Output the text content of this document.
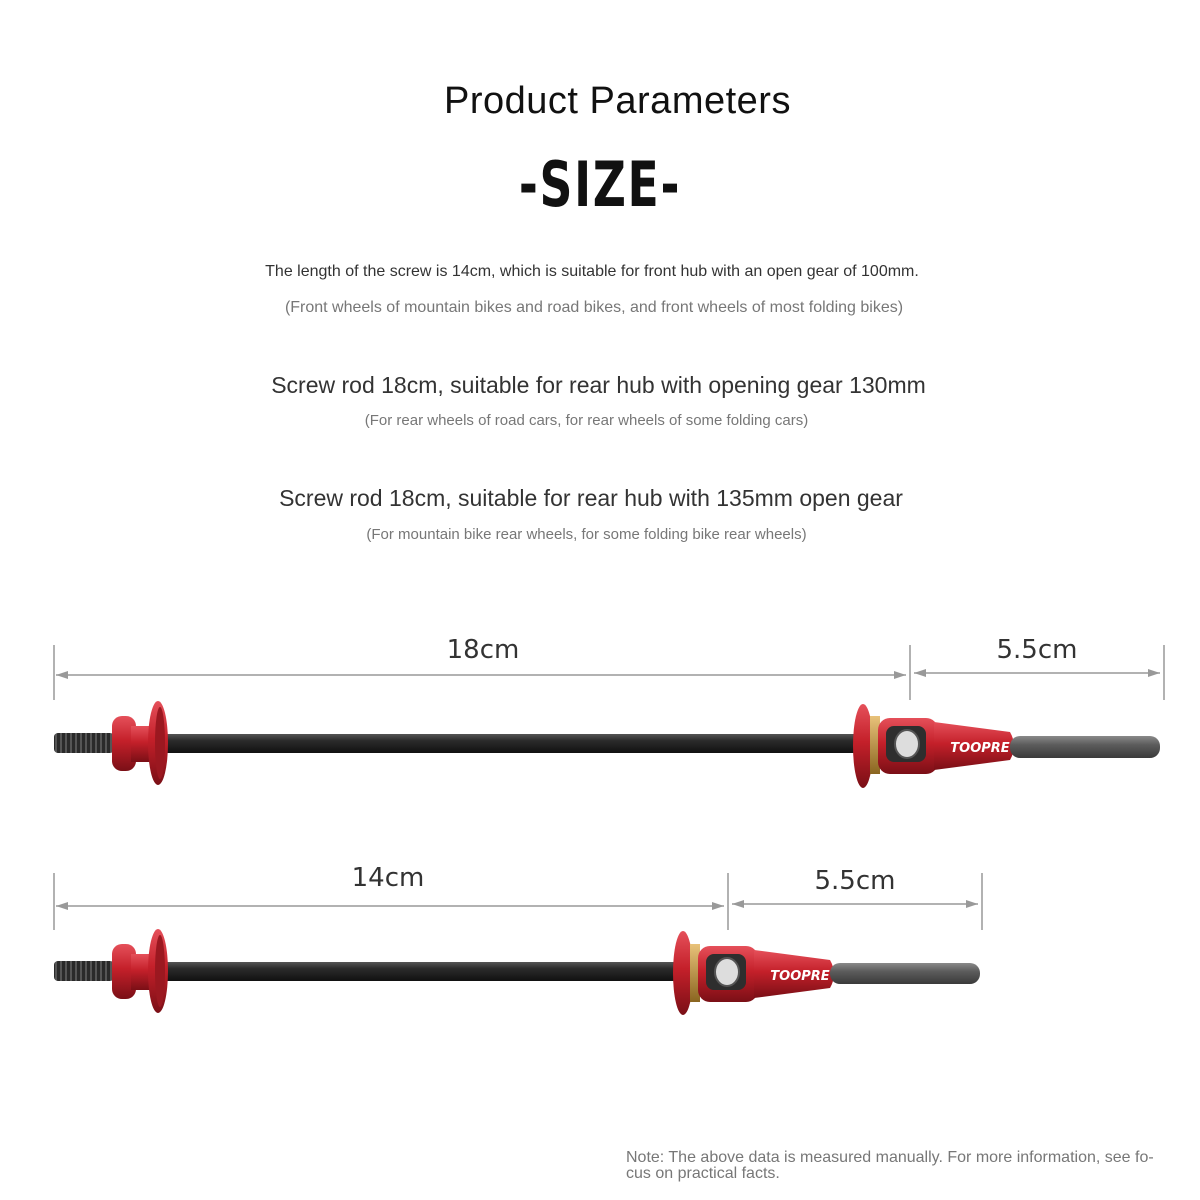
Product Parameters
-SIZE-
The length of the screw is 14cm, which is suitable for front hub with an open gear of 100mm.
(Front wheels of mountain bikes and road bikes, and front wheels of most folding bikes)
Screw rod 18cm, suitable for rear hub with opening gear 130mm
(For rear wheels of road cars, for rear wheels of some folding cars)
Screw rod 18cm, suitable for rear hub with 135mm open gear
(For mountain bike rear wheels, for some folding bike rear wheels)
18cm	5.5cm
TOOPRE
14cm	5.5cm
TOOPRE
Note: The above data is measured manually. For more information, see fo-cus on practical facts.
